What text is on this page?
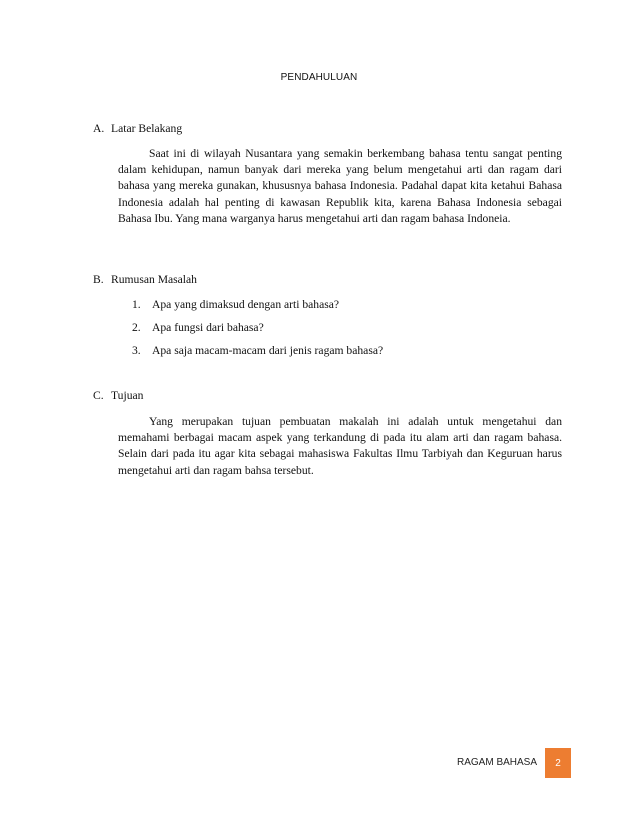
PENDAHULUAN
A. Latar Belakang

Saat ini di wilayah Nusantara yang semakin berkembang bahasa tentu sangat penting dalam kehidupan, namun banyak dari mereka yang belum mengetahui arti dan ragam dari bahasa yang mereka gunakan, khususnya bahasa Indonesia. Padahal dapat kita ketahui Bahasa Indonesia adalah hal penting di kawasan Republik kita, karena Bahasa Indonesia sebagai Bahasa Ibu. Yang mana warganya harus mengetahui arti dan ragam bahasa Indoneia.

B. Rumusan Masalah
1. Apa yang dimaksud dengan arti bahasa?
2. Apa fungsi dari bahasa?
3. Apa saja macam-macam dari jenis ragam bahasa?
C. Tujuan

Yang merupakan tujuan pembuatan makalah ini adalah untuk mengetahui dan memahami berbagai macam aspek yang terkandung di pada itu alam arti dan ragam bahasa. Selain dari pada itu agar kita sebagai mahasiswa Fakultas Ilmu Tarbiyah dan Keguruan harus mengetahui arti dan ragam bahsa tersebut.

RAGAM BAHASA	2
